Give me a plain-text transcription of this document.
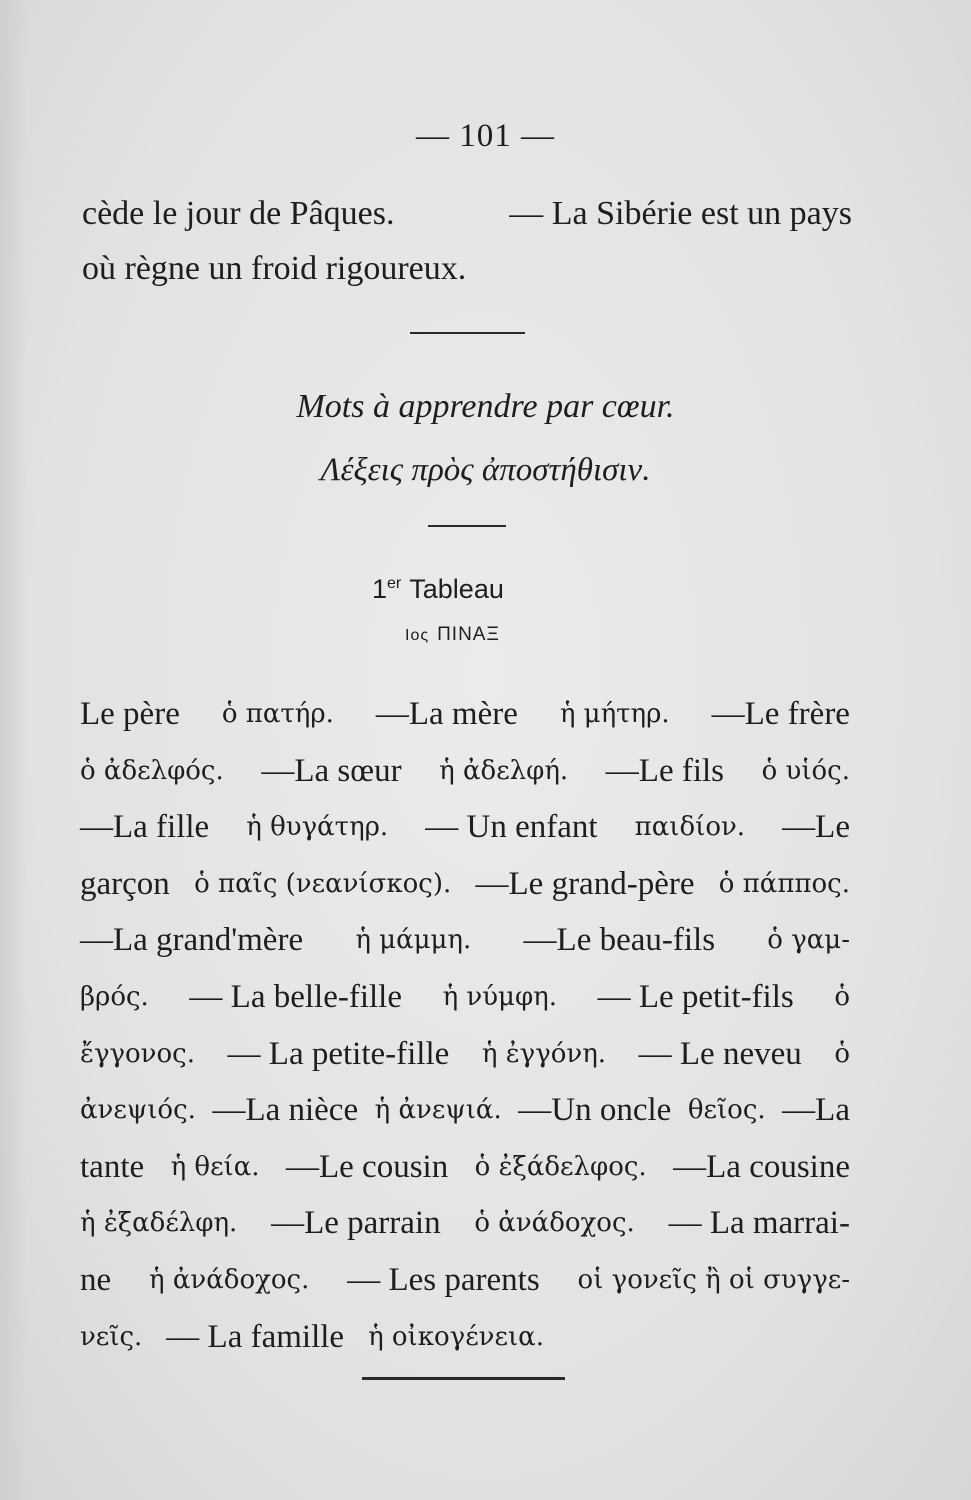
— 101 —
cède le jour de Pâques.	— La Sibérie est un pays

où règne un froid rigoureux.

Mots à apprendre par cœur.
Λέξεις πρὸς ἀποστήθισιν.
1er Tableau
Ιος ΠΙΝΑΞ
Le père ὁ πατήρ. —La mère ἡ μήτηρ. —Le frère
ὁ ἀδελφός. —La sœur ἡ ἀδελφή. —Le fils ὁ υἱός.
—La fille ἡ θυγάτηρ. — Un enfant παιδίον. —Le
garçon ὁ παῖς (νεανίσκος). —Le grand-père ὁ πάππος.
—La grand'mère ἡ μάμμη. —Le beau-fils ὁ γαμ-
βρός. — La belle-fille ἡ νύμφη. — Le petit-fils ὁ
ἔγγονος. — La petite-fille ἡ ἐγγόνη. — Le neveu ὁ
ἀνεψιός. —La nièce ἡ ἀνεψιά. —Un oncle θεῖος. —La
tante ἡ θεία. —Le cousin ὁ ἐξάδελφος. —La cousine
ἡ ἐξαδέλφη. —Le parrain ὁ ἀνάδοχος. — La marrai-
ne ἡ ἀνάδοχος. — Les parents οἱ γονεῖς ἢ οἱ συγγε-
νεῖς. — La famille ἡ οἰκογένεια.
